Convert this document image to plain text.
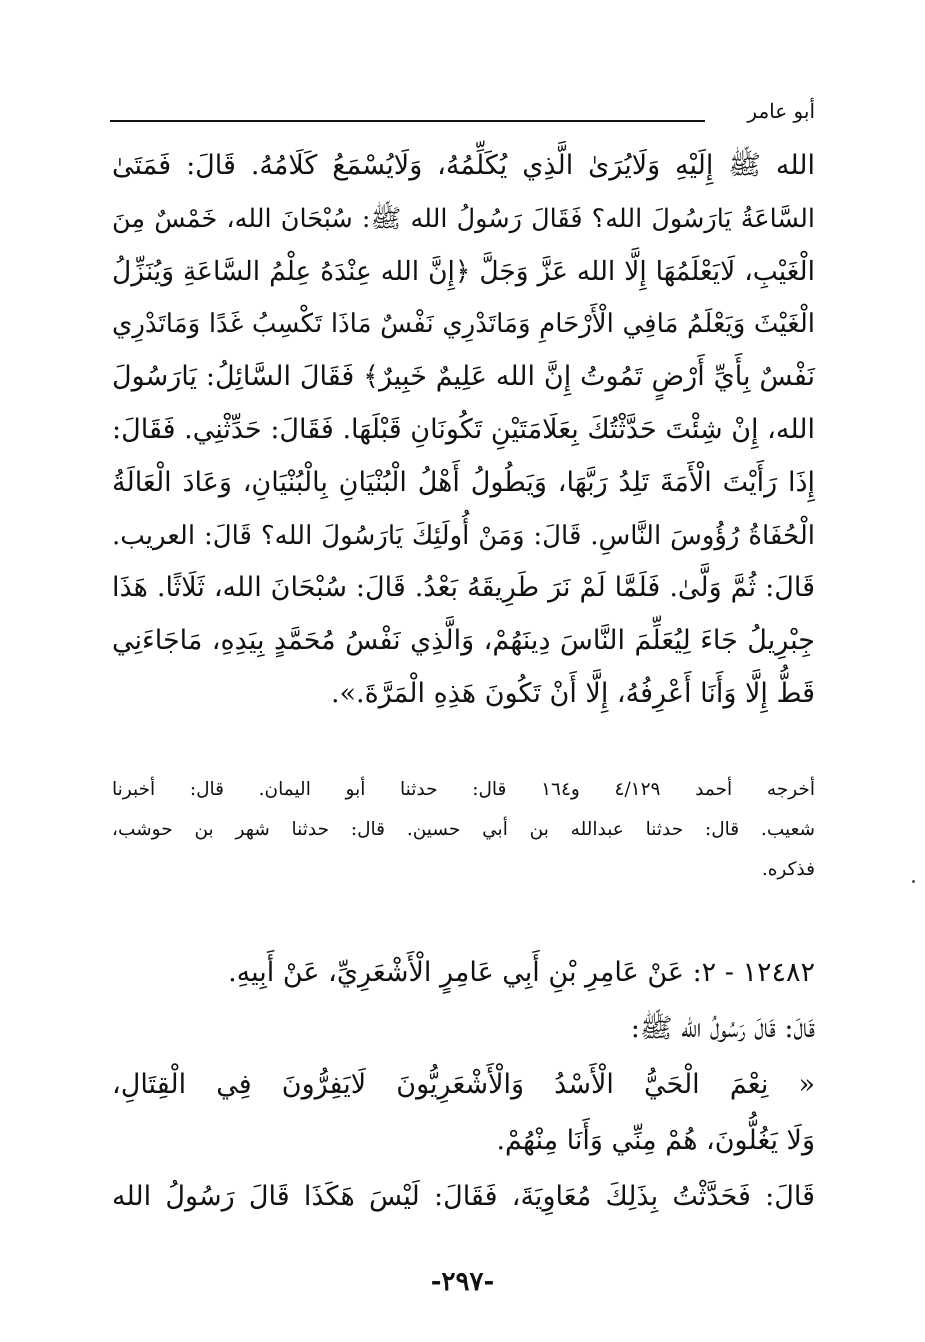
أبو عامر
الله ﷺ إِلَيْهِ وَلَايُرَىٰ الَّذِي يُكَلِّمُهُ، وَلَايُسْمَعُ كَلَامُهُ. قَالَ: فَمَتَىٰ
السَّاعَةُ يَارَسُولَ الله؟ فَقَالَ رَسُولُ الله ﷺ: سُبْحَانَ الله، خَمْسٌ مِنَ
الْغَيْبِ، لَايَعْلَمُهَا إِلَّا الله عَزَّ وَجَلَّ ﴿إِنَّ الله عِنْدَهُ عِلْمُ السَّاعَةِ وَيُنَزِّلُ
الْغَيْثَ وَيَعْلَمُ مَافِي الْأَرْحَامِ وَمَاتَدْرِي نَفْسٌ مَاذَا تَكْسِبُ غَدًا وَمَاتَدْرِي
نَفْسٌ بِأَيِّ أَرْضٍ تَمُوتُ إِنَّ الله عَلِيمٌ خَبِيرٌ﴾ فَقَالَ السَّائِلُ: يَارَسُولَ
الله، إِنْ شِئْتَ حَدَّثْتُكَ بِعَلَامَتَيْنِ تَكُونَانِ قَبْلَهَا. فَقَالَ: حَدِّثْنِي. فَقَالَ:
إِذَا رَأَيْتَ الْأَمَةَ تَلِدُ رَبَّهَا، وَيَطُولُ أَهْلُ الْبُنْيَانِ بِالْبُنْيَانِ، وَعَادَ الْعَالَةُ
الْحُفَاةُ رُؤُوسَ النَّاسِ. قَالَ: وَمَنْ أُولَئِكَ يَارَسُولَ الله؟ قَالَ: العريب.
قَالَ: ثُمَّ وَلَّىٰ. فَلَمَّا لَمْ نَرَ طَرِيقَهُ بَعْدُ. قَالَ: سُبْحَانَ الله، ثَلَاثًا. هَذَا
جِبْرِيلُ جَاءَ لِيُعَلِّمَ النَّاسَ دِينَهُمْ، وَالَّذِي نَفْسُ مُحَمَّدٍ بِيَدِهِ، مَاجَاءَنِي
قَطُّ إِلَّا وَأَنَا أَعْرِفُهُ، إِلَّا أَنْ تَكُونَ هَذِهِ الْمَرَّةَ.».
أخرجه أحمد ٤/١٢٩ و١٦٤ قال: حدثنا أبو اليمان. قال: أخبرنا
شعيب. قال: حدثنا عبدالله بن أبي حسين. قال: حدثنا شهر بن حوشب،
فذكره.
١٢٤٨٢ - ٢: عَنْ عَامِرِ بْنِ أَبِي عَامِرٍ الْأَشْعَرِيِّ، عَنْ أَبِيهِ.
قَالَ: قَالَ رَسُولُ الله ﷺ:
« نِعْمَ الْحَيُّ الْأَسْدُ وَالْأَشْعَرِيُّونَ لَايَفِرُّونَ فِي الْقِتَالِ،
وَلَا يَغُلُّونَ، هُمْ مِنِّي وَأَنَا مِنْهُمْ.
قَالَ: فَحَدَّثْتُ بِذَلِكَ مُعَاوِيَةَ، فَقَالَ: لَيْسَ هَكَذَا قَالَ رَسُولُ الله
-٢٩٧-
